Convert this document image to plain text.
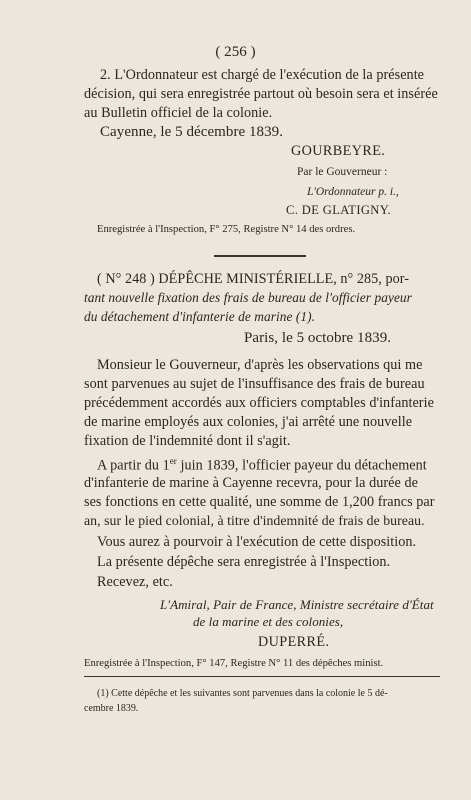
( 256 )
2. L'Ordonnateur est chargé de l'exécution de la présente
décision, qui sera enregistrée partout où besoin sera et insérée
au Bulletin officiel de la colonie.
Cayenne, le 5 décembre 1839.
GOURBEYRE.
Par le Gouverneur :
L'Ordonnateur p. i.,
C. DE GLATIGNY.
Enregistrée à l'Inspection, F° 275, Registre N° 14 des ordres.
( N° 248 ) DÉPÊCHE MINISTÉRIELLE, n° 285, por-
tant nouvelle fixation des frais de bureau de l'officier payeur
du détachement d'infanterie de marine (1).
Paris, le 5 octobre 1839.
Monsieur le Gouverneur, d'après les observations qui me
sont parvenues au sujet de l'insuffisance des frais de bureau
précédemment accordés aux officiers comptables d'infanterie
de marine employés aux colonies, j'ai arrêté une nouvelle
fixation de l'indemnité dont il s'agit.
A partir du 1er juin 1839, l'officier payeur du détachement
d'infanterie de marine à Cayenne recevra, pour la durée de
ses fonctions en cette qualité, une somme de 1,200 francs par
an, sur le pied colonial, à titre d'indemnité de frais de bureau.
Vous aurez à pourvoir à l'exécution de cette disposition.
La présente dépêche sera enregistrée à l'Inspection.
Recevez, etc.
L'Amiral, Pair de France, Ministre secrétaire d'État
de la marine et des colonies,
DUPERRÉ.
Enregistrée à l'Inspection, F° 147, Registre N° 11 des dépêches minist.
(1) Cette dépêche et les suivantes sont parvenues dans la colonie le 5 dé-
cembre 1839.
